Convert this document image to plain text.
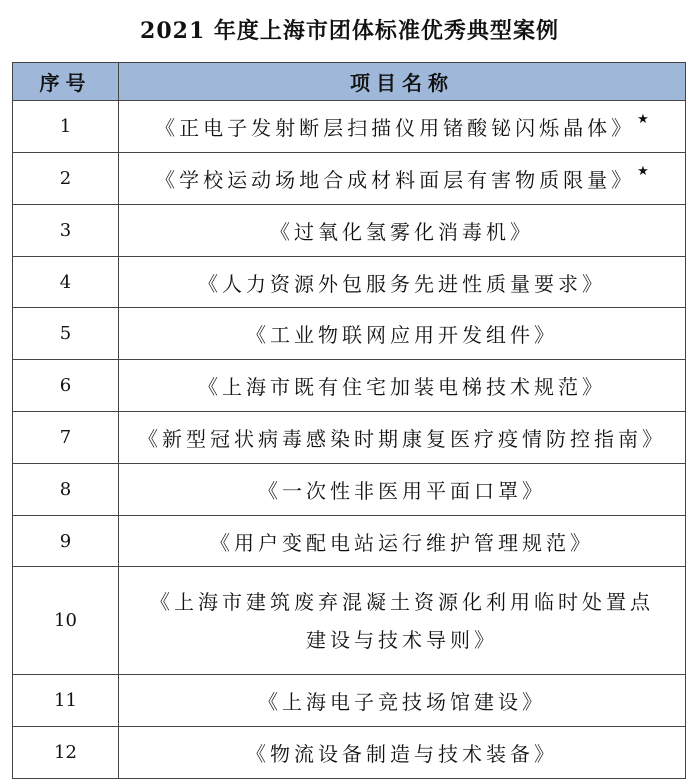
2021 年度上海市团体标准优秀典型案例
序号	项目名称
1	《正电子发射断层扫描仪用锗酸铋闪烁晶体》 ★
2	《学校运动场地合成材料面层有害物质限量》 ★
3	《过氧化氢雾化消毒机》
4	《人力资源外包服务先进性质量要求》
5	《工业物联网应用开发组件》
6	《上海市既有住宅加装电梯技术规范》
7	《新型冠状病毒感染时期康复医疗疫情防控指南》
8	《一次性非医用平面口罩》
9	《用户变配电站运行维护管理规范》
10	《上海市建筑废弃混凝土资源化利用临时处置点
建设与技术导则》
11	《上海电子竞技场馆建设》
12	《物流设备制造与技术装备》
